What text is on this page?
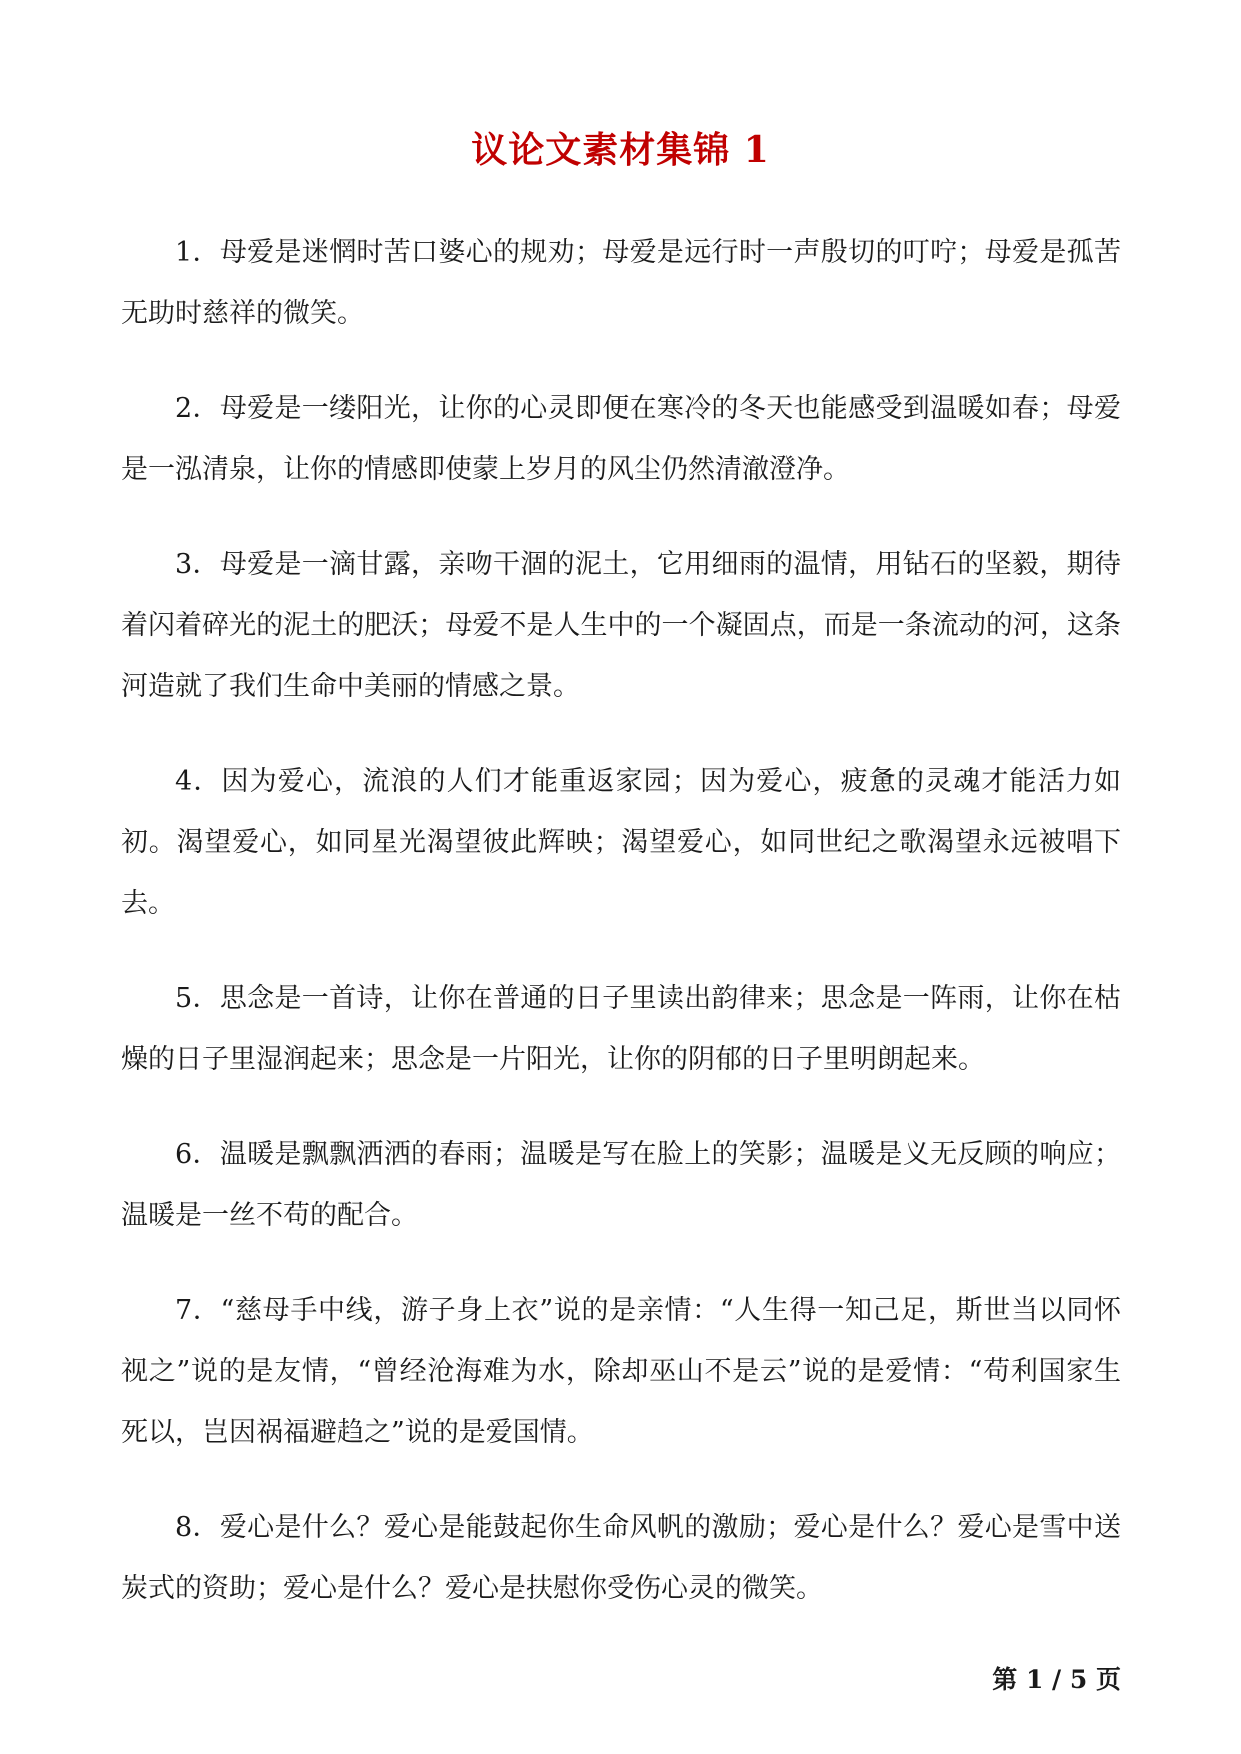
议论文素材集锦 1

1．母爱是迷惘时苦口婆心的规劝；母爱是远行时一声殷切的叮咛；母爱是孤苦无助时慈祥的微笑。

2．母爱是一缕阳光，让你的心灵即便在寒冷的冬天也能感受到温暖如春；母爱是一泓清泉，让你的情感即使蒙上岁月的风尘仍然清澈澄净。

3．母爱是一滴甘露，亲吻干涸的泥土，它用细雨的温情，用钻石的坚毅，期待着闪着碎光的泥土的肥沃；母爱不是人生中的一个凝固点，而是一条流动的河，这条河造就了我们生命中美丽的情感之景。

4．因为爱心，流浪的人们才能重返家园；因为爱心，疲惫的灵魂才能活力如初。渴望爱心，如同星光渴望彼此辉映；渴望爱心，如同世纪之歌渴望永远被唱下去。

5．思念是一首诗，让你在普通的日子里读出韵律来；思念是一阵雨，让你在枯燥的日子里湿润起来；思念是一片阳光，让你的阴郁的日子里明朗起来。

6．温暖是飘飘洒洒的春雨；温暖是写在脸上的笑影；温暖是义无反顾的响应；温暖是一丝不苟的配合。

7．“慈母手中线，游子身上衣”说的是亲情：“人生得一知己足，斯世当以同怀视之”说的是友情，“曾经沧海难为水，除却巫山不是云”说的是爱情：“苟利国家生死以，岂因祸福避趋之”说的是爱国情。

8．爱心是什么？爱心是能鼓起你生命风帆的激励；爱心是什么？爱心是雪中送炭式的资助；爱心是什么？爱心是扶慰你受伤心灵的微笑。

第 1 / 5 页
